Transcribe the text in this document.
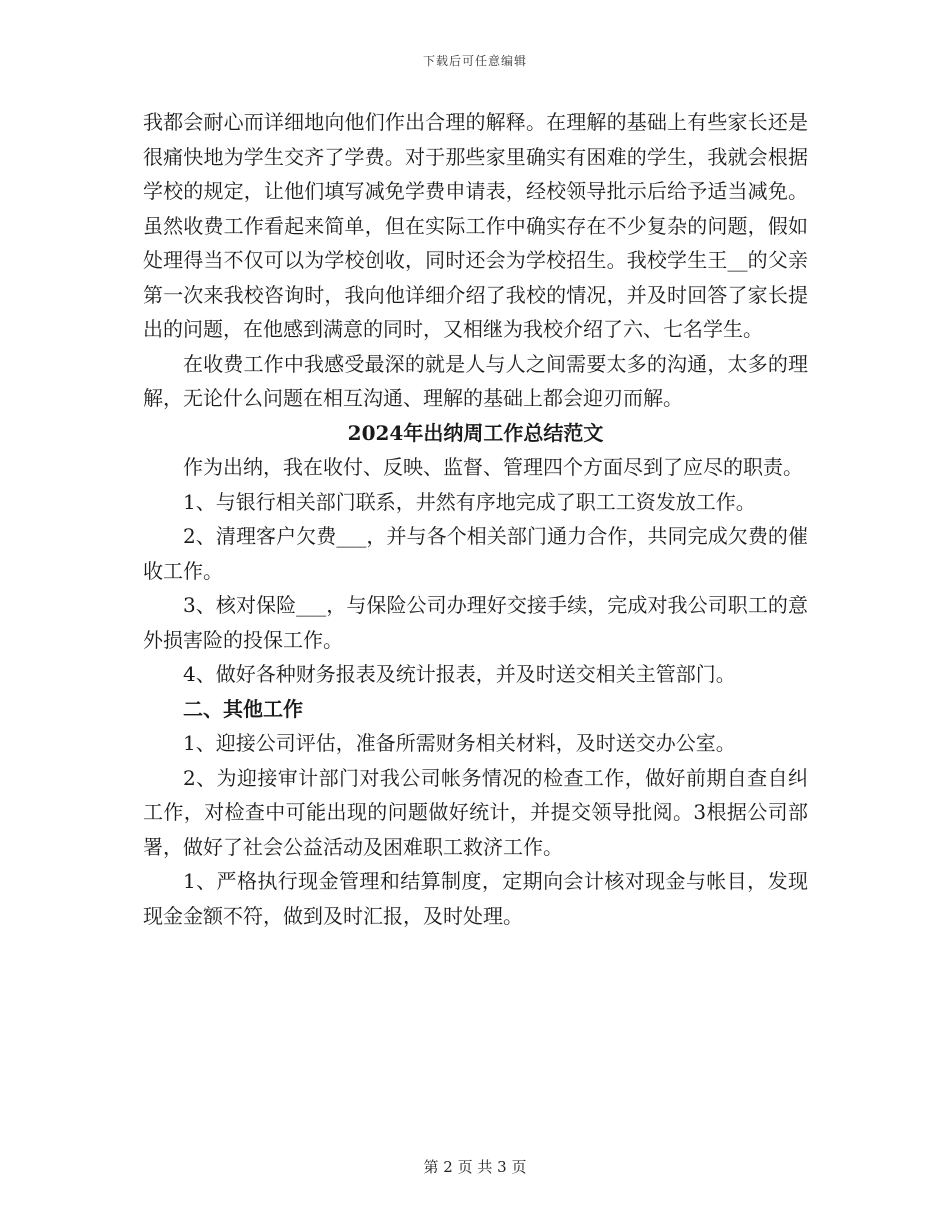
下载后可任意编辑

我都会耐心而详细地向他们作出合理的解释。在理解的基础上有些家长还是很痛快地为学生交齐了学费。对于那些家里确实有困难的学生，我就会根据学校的规定，让他们填写减免学费申请表，经校领导批示后给予适当减免。虽然收费工作看起来简单，但在实际工作中确实存在不少复杂的问题，假如处理得当不仅可以为学校创收，同时还会为学校招生。我校学生王__的父亲第一次来我校咨询时，我向他详细介绍了我校的情况，并及时回答了家长提出的问题，在他感到满意的同时，又相继为我校介绍了六、七名学生。

在收费工作中我感受最深的就是人与人之间需要太多的沟通，太多的理解，无论什么问题在相互沟通、理解的基础上都会迎刃而解。

2024年出纳周工作总结范文

作为出纳，我在收付、反映、监督、管理四个方面尽到了应尽的职责。

1、与银行相关部门联系，井然有序地完成了职工工资发放工作。

2、清理客户欠费___，并与各个相关部门通力合作，共同完成欠费的催收工作。

3、核对保险___，与保险公司办理好交接手续，完成对我公司职工的意外损害险的投保工作。

4、做好各种财务报表及统计报表，并及时送交相关主管部门。

二、其他工作

1、迎接公司评估，准备所需财务相关材料，及时送交办公室。

2、为迎接审计部门对我公司帐务情况的检查工作，做好前期自查自纠工作，对检查中可能出现的问题做好统计，并提交领导批阅。3根据公司部署，做好了社会公益活动及困难职工救济工作。

1、严格执行现金管理和结算制度，定期向会计核对现金与帐目，发现现金金额不符，做到及时汇报，及时处理。

第 2 页 共 3 页
